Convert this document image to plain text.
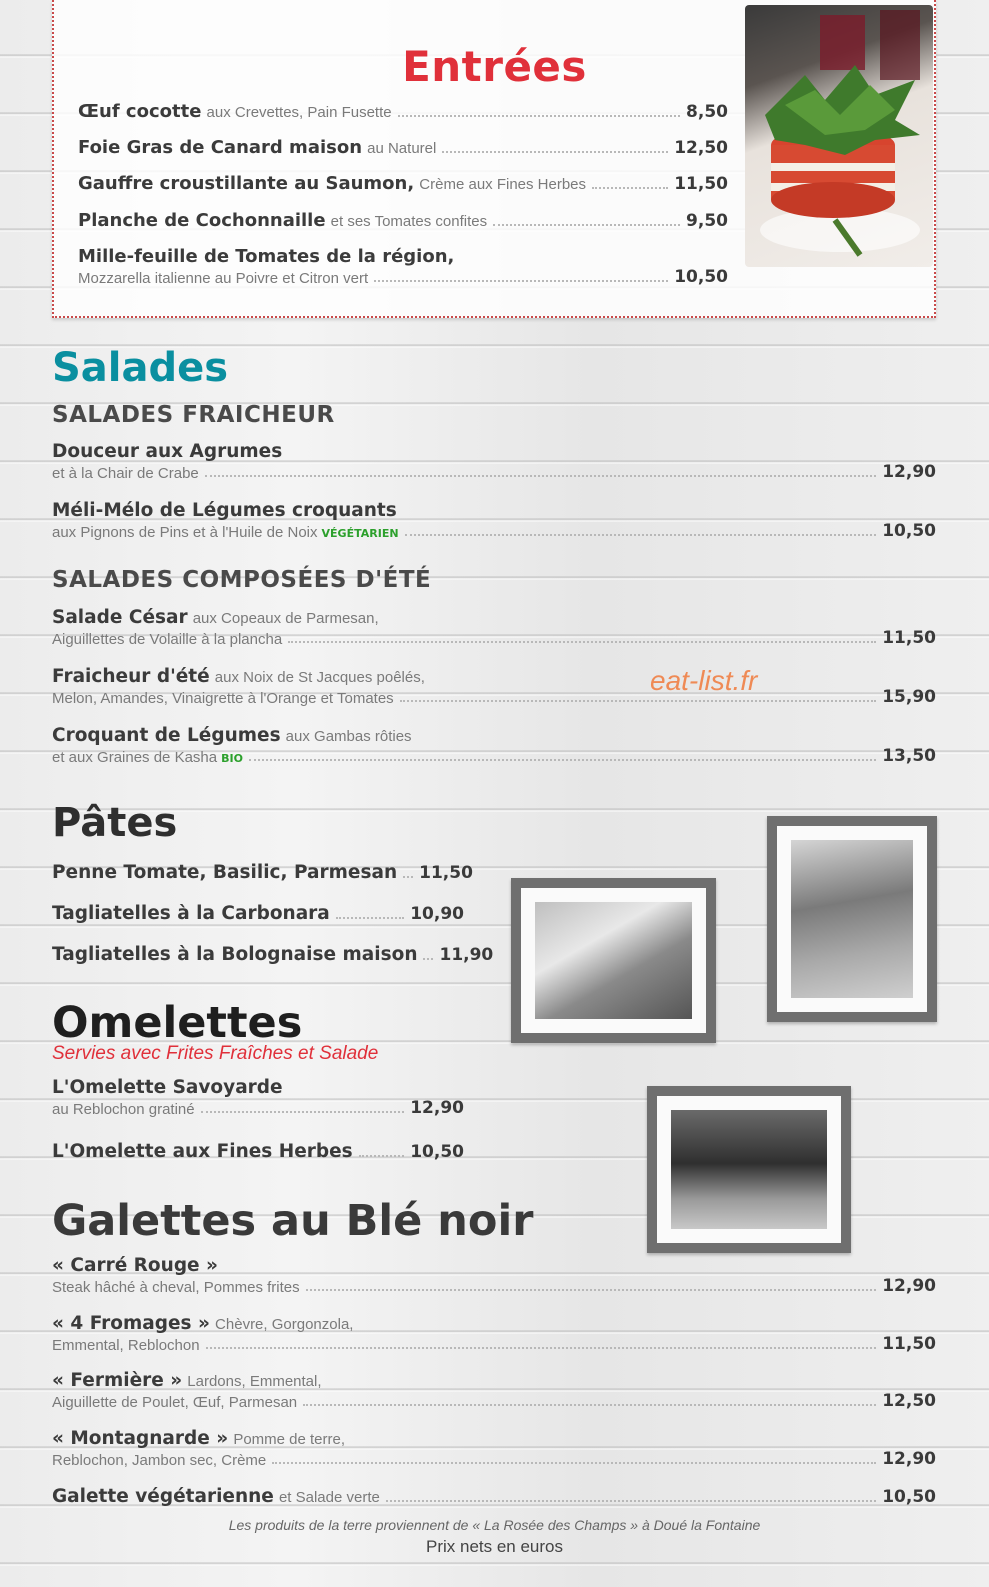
Entrées
Œuf cocotte aux Crevettes, Pain Fusette	8,50
Foie Gras de Canard maison au Naturel	12,50
Gauffre croustillante au Saumon, Crème aux Fines Herbes	11,50
Planche de Cochonnaille et ses Tomates confites	9,50
Mille-feuille de Tomates de la région,
Mozzarella italienne au Poivre et Citron vert	10,50
Salades
SALADES FRAICHEUR
Douceur aux Agrumes
et à la Chair de Crabe	12,90
Méli-Mélo de Légumes croquants
aux Pignons de Pins et à l'Huile de Noix VÉGÉTARIEN	10,50
SALADES COMPOSÉES D'ÉTÉ
Salade César aux Copeaux de Parmesan,
Aiguillettes de Volaille à la plancha	11,50
Fraicheur d'été aux Noix de St Jacques poêlés,
Melon, Amandes, Vinaigrette à l'Orange et Tomates	15,90
Croquant de Légumes aux Gambas rôties
et aux Graines de Kasha BIO	13,50
eat-list.fr
Pâtes
Penne Tomate, Basilic, Parmesan 11,50
Tagliatelles à la Carbonara	10,90
Tagliatelles à la Bolognaise maison 11,90
Omelettes
Servies avec Frites Fraîches et Salade
L'Omelette Savoyarde
au Reblochon gratiné	12,90
L'Omelette aux Fines Herbes	10,50
Galettes au Blé noir
« Carré Rouge »
Steak hâché à cheval, Pommes frites	12,90
« 4 Fromages » Chèvre, Gorgonzola,
Emmental, Reblochon	11,50
« Fermière » Lardons, Emmental,
Aiguillette de Poulet, Œuf, Parmesan	12,50
« Montagnarde » Pomme de terre,
Reblochon, Jambon sec, Crème	12,90
Galette végétarienne et Salade verte	10,50
Les produits de la terre proviennent de « La Rosée des Champs » à Doué la Fontaine
Prix nets en euros
